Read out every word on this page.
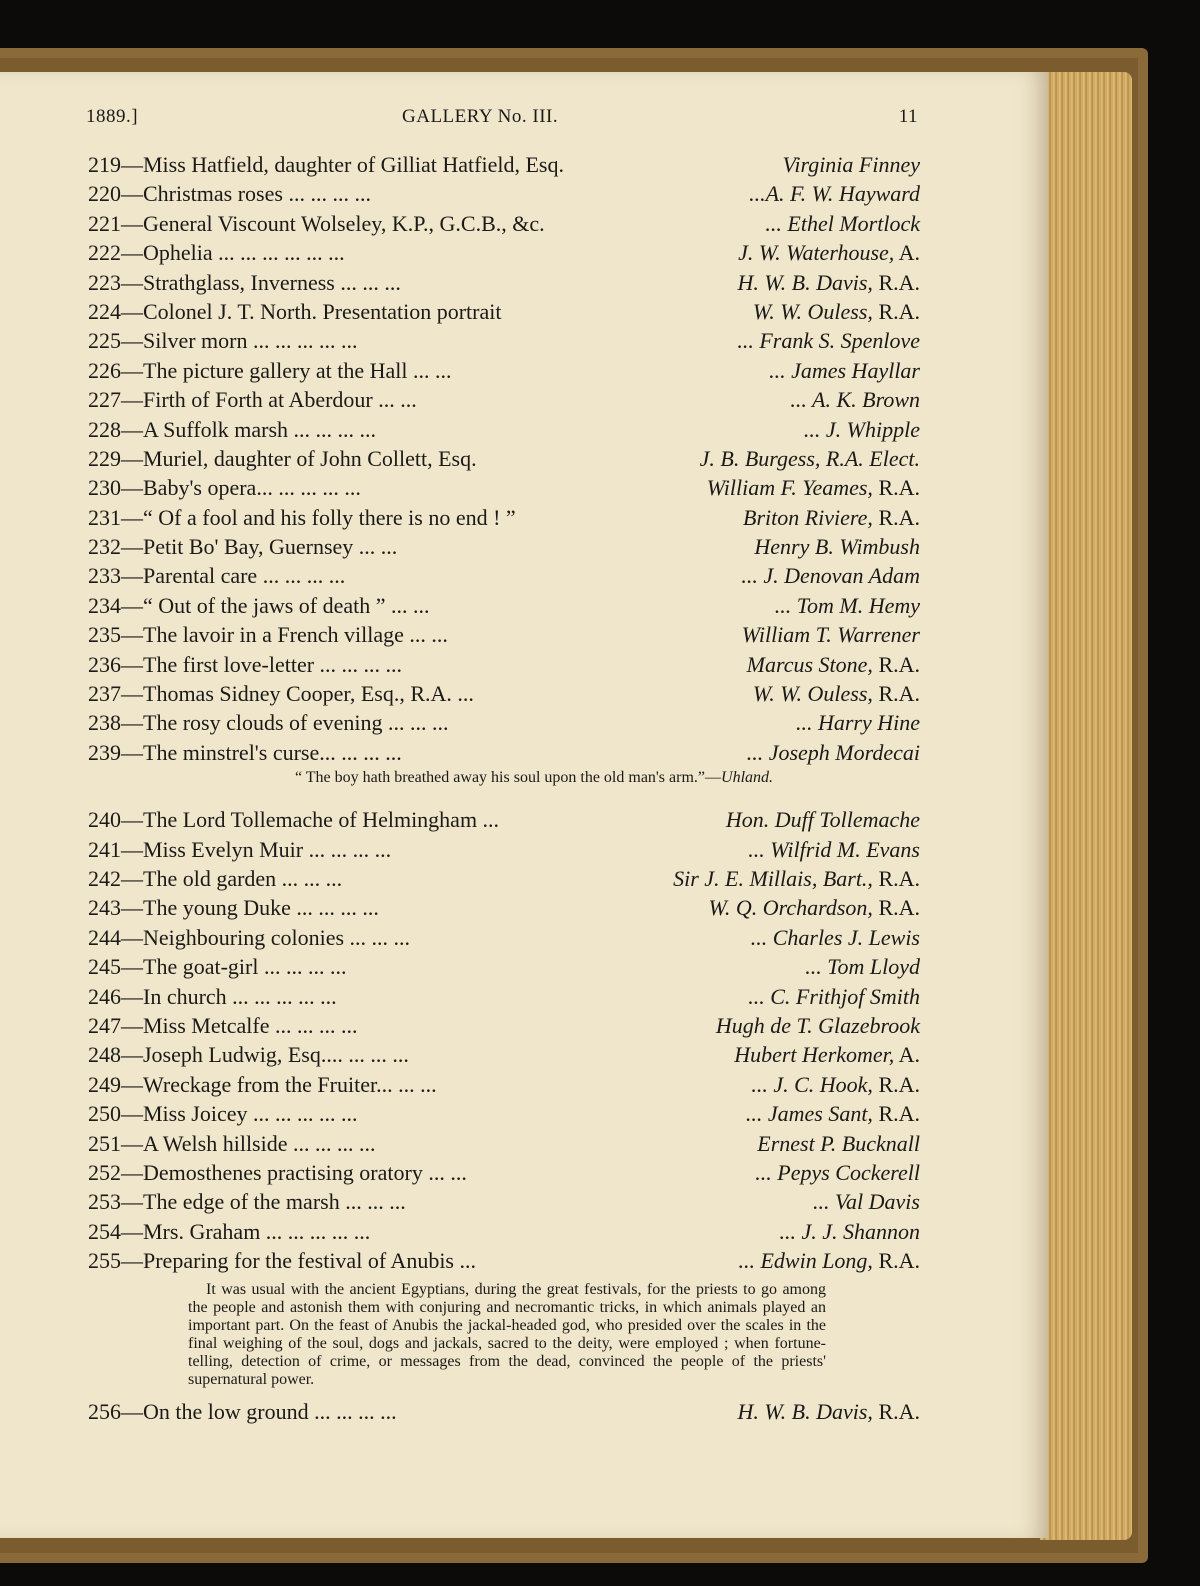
1889.]	GALLERY No. III.	11
219—Miss Hatfield, daughter of Gilliat Hatfield, Esq.	Virginia Finney
220—Christmas roses ... ... ... ...	...A. F. W. Hayward
221—General Viscount Wolseley, K.P., G.C.B., &c.	... Ethel Mortlock
222—Ophelia ... ... ... ... ... ...	J. W. Waterhouse, A.
223—Strathglass, Inverness ... ... ...	H. W. B. Davis, R.A.
224—Colonel J. T. North. Presentation portrait	W. W. Ouless, R.A.
225—Silver morn ... ... ... ... ...	... Frank S. Spenlove
226—The picture gallery at the Hall ... ...	... James Hayllar
227—Firth of Forth at Aberdour ... ...	... A. K. Brown
228—A Suffolk marsh ... ... ... ...	... J. Whipple
229—Muriel, daughter of John Collett, Esq.	J. B. Burgess, R.A. Elect.
230—Baby's opera... ... ... ... ...	William F. Yeames, R.A.
231—“ Of a fool and his folly there is no end ! ”	Briton Riviere, R.A.
232—Petit Bo' Bay, Guernsey ... ...	Henry B. Wimbush
233—Parental care ... ... ... ...	... J. Denovan Adam
234—“ Out of the jaws of death ” ... ...	... Tom M. Hemy
235—The lavoir in a French village ... ...	William T. Warrener
236—The first love-letter ... ... ... ...	Marcus Stone, R.A.
237—Thomas Sidney Cooper, Esq., R.A. ...	W. W. Ouless, R.A.
238—The rosy clouds of evening ... ... ...	... Harry Hine
239—The minstrel's curse... ... ... ...	... Joseph Mordecai
“ The boy hath breathed away his soul upon the old man's arm.”—Uhland.
240—The Lord Tollemache of Helmingham ...	Hon. Duff Tollemache
241—Miss Evelyn Muir ... ... ... ...	... Wilfrid M. Evans
242—The old garden ... ... ...	Sir J. E. Millais, Bart., R.A.
243—The young Duke ... ... ... ...	W. Q. Orchardson, R.A.
244—Neighbouring colonies ... ... ...	... Charles J. Lewis
245—The goat-girl ... ... ... ...	... Tom Lloyd
246—In church ... ... ... ... ...	... C. Frithjof Smith
247—Miss Metcalfe ... ... ... ...	Hugh de T. Glazebrook
248—Joseph Ludwig, Esq.... ... ... ...	Hubert Herkomer, A.
249—Wreckage from the Fruiter... ... ...	... J. C. Hook, R.A.
250—Miss Joicey ... ... ... ... ...	... James Sant, R.A.
251—A Welsh hillside ... ... ... ...	Ernest P. Bucknall
252—Demosthenes practising oratory ... ...	... Pepys Cockerell
253—The edge of the marsh ... ... ...	... Val Davis
254—Mrs. Graham ... ... ... ... ...	... J. J. Shannon
255—Preparing for the festival of Anubis ...	... Edwin Long, R.A.
It was usual with the ancient Egyptians, during the great festivals, for the priests to go among the people and astonish them with conjuring and necromantic tricks, in which animals played an important part. On the feast of Anubis the jackal-headed god, who presided over the scales in the final weighing of the soul, dogs and jackals, sacred to the deity, were employed ; when fortune-telling, detection of crime, or messages from the dead, convinced the people of the priests' supernatural power.
256—On the low ground ... ... ... ...	H. W. B. Davis, R.A.
